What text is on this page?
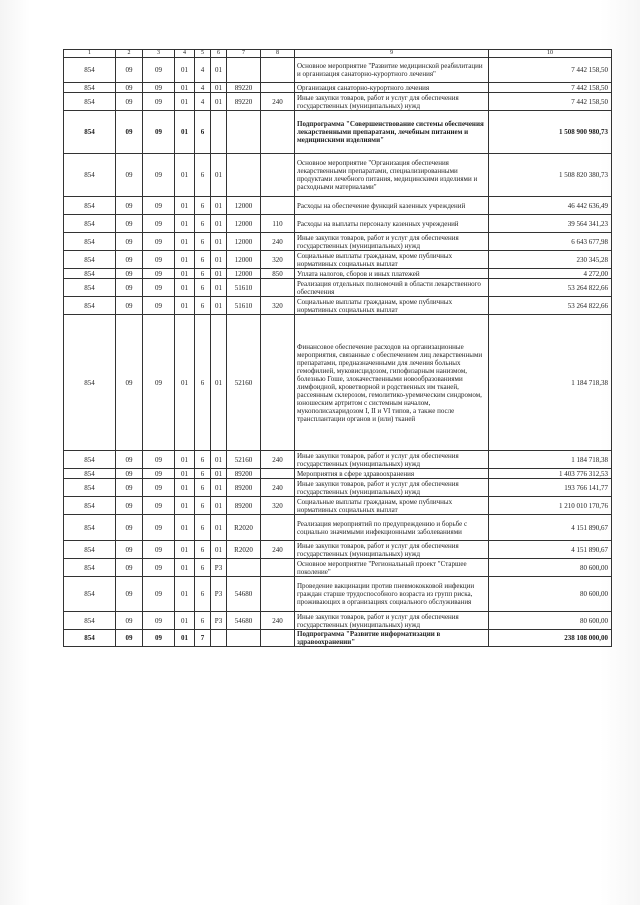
1	2	3	4	5	6	7	8	9	10
854	09	09	01	4	01			Основное мероприятие "Развитие медицинской реабилитации и организация санаторно-курортного лечения"	7 442 158,50
854	09	09	01	4	01	89220		Организация санаторно-курортного лечения	7 442 158,50
854	09	09	01	4	01	89220	240	Иные закупки товаров, работ и услуг для обеспечения государственных (муниципальных) нужд	7 442 158,50
854	09	09	01	6				Подпрограмма "Совершенствование системы обеспечения лекарственными препаратами, лечебным питанием и медицинскими изделиями"	1 508 900 980,73
854	09	09	01	6	01			Основное мероприятие "Организация обеспечения лекарственными препаратами, специализированными продуктами лечебного питания, медицинскими изделиями и расходными материалами"	1 508 820 380,73
854	09	09	01	6	01	12000		Расходы на обеспечение функций казенных учреждений	46 442 636,49
854	09	09	01	6	01	12000	110	Расходы на выплаты персоналу казенных учреждений	39 564 341,23
854	09	09	01	6	01	12000	240	Иные закупки товаров, работ и услуг для обеспечения государственных (муниципальных) нужд	6 643 677,98
854	09	09	01	6	01	12000	320	Социальные выплаты гражданам, кроме публичных нормативных социальных выплат	230 345,28
854	09	09	01	6	01	12000	850	Уплата налогов, сборов и иных платежей	4 272,00
854	09	09	01	6	01	51610		Реализация отдельных полномочий в области лекарственного обеспечения	53 264 822,66
854	09	09	01	6	01	51610	320	Социальные выплаты гражданам, кроме публичных нормативных социальных выплат	53 264 822,66
854	09	09	01	6	01	52160		Финансовое обеспечение расходов на организационные мероприятия, связанные с обеспечением лиц лекарственными препаратами, предназначенными для лечения больных гемофилией, муковисцидозом, гипофизарным нанизмом, болезнью Гоше, злокачественными новообразованиями лимфоидной, кроветворной и родственных им тканей, рассеянным склерозом, гемолитико-уремическим синдромом, юношеским артритом с системным началом, мукополисахаридозом I, II и VI типов, а также после трансплантации органов и (или) тканей	1 184 718,38
854	09	09	01	6	01	52160	240	Иные закупки товаров, работ и услуг для обеспечения государственных (муниципальных) нужд	1 184 718,38
854	09	09	01	6	01	89200		Мероприятия в сфере здравоохранения	1 403 776 312,53
854	09	09	01	6	01	89200	240	Иные закупки товаров, работ и услуг для обеспечения государственных (муниципальных) нужд	193 766 141,77
854	09	09	01	6	01	89200	320	Социальные выплаты гражданам, кроме публичных нормативных социальных выплат	1 210 010 170,76
854	09	09	01	6	01	R2020		Реализация мероприятий по предупреждению и борьбе с социально значимыми инфекционными заболеваниями	4 151 890,67
854	09	09	01	6	01	R2020	240	Иные закупки товаров, работ и услуг для обеспечения государственных (муниципальных) нужд	4 151 890,67
854	09	09	01	6	P3			Основное мероприятие "Региональный проект "Старшее поколение"	80 600,00
854	09	09	01	6	P3	54680		Проведение вакцинации против пневмококковой инфекции граждан старше трудоспособного возраста из групп риска, проживающих в организациях социального обслуживания	80 600,00
854	09	09	01	6	P3	54680	240	Иные закупки товаров, работ и услуг для обеспечения государственных (муниципальных) нужд	80 600,00
854	09	09	01	7				Подпрограмма "Развитие информатизации в здравоохранении"	238 108 000,00
